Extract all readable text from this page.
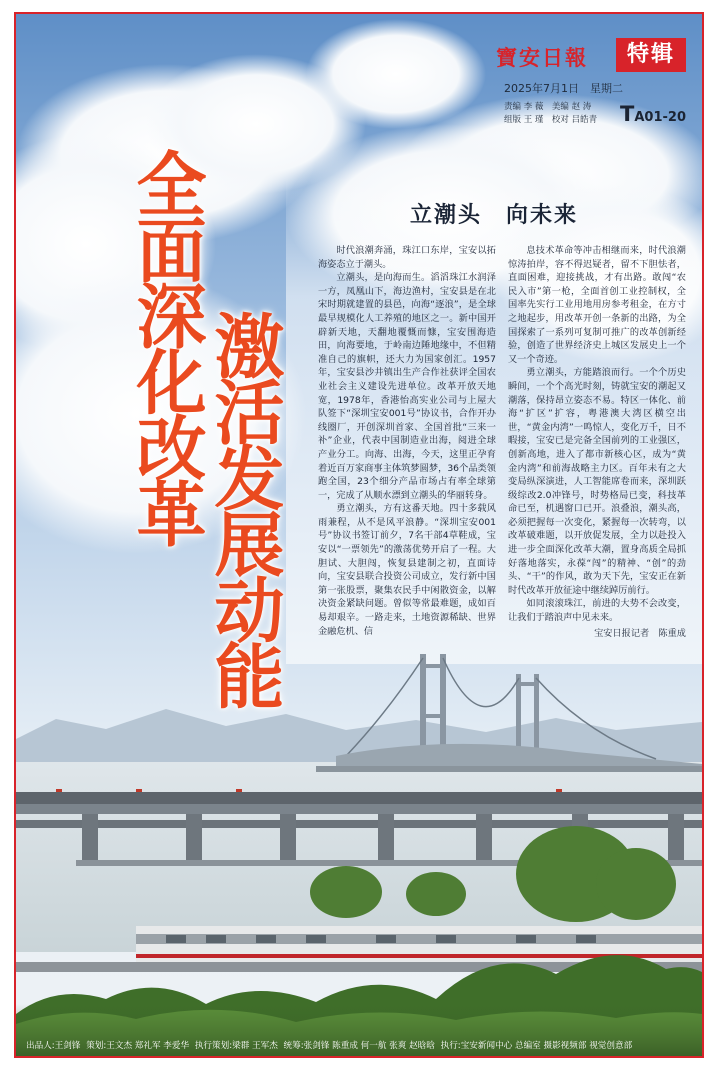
寶安日報	特辑
2025年7月1日　星期二
责编 李 薇　美编 赵 涛
组版 王 瑾　校对 吕皓青 TA01-20
全面深化改革
激活发展动能
立潮头　向未来

时代浪潮奔涌，珠江口东岸，宝安以拓海姿态立于潮头。

立潮头，是向海而生。滔滔珠江水润泽一方，凤凰山下，海边渔村，宝安县是在北宋时期就建置的县邑，向海“逐浪”，是全球最早规模化人工养殖的地区之一。新中国开辟新天地，天翻地覆慨而慷，宝安围海造田，向海要地，于岭南边陲地缘中，不但精准自己的旗帜，还大力为国家创汇。1957年，宝安县沙井镇出生产合作社获评全国农业社会主义建设先进单位。改革开放天地宽，1978年，香港怡高实业公司与上屋大队签下“深圳宝安001号”协议书，合作开办线圈厂，开创深圳首家、全国首批“三来一补”企业，代表中国制造业出海，阅进全球产业分工。向海、出海，今天，这里正孕育着近百万家商事主体筑梦圆梦，36个品类领跑全国，23个细分产品市场占有率全球第一，完成了从顺水漂到立潮头的华丽转身。

勇立潮头，方有这番天地。四十多载风雨兼程，从不是风平浪静。“深圳宝安001号”协议书签订前夕，7名干部4草鞋成，宝安以“一票领先”的激荡优势开启了一程。大胆试、大胆闯，恢复县建制之初，直面诗向，宝安县联合投资公司成立，发行新中国第一张股票，聚集农民手中闲散资金，以解决资金紧缺问题。曾似等常最难题，成如百易却艰辛。一路走来，土地资源稀缺、世界金融危机、信

息技术革命等冲击相继而来，时代浪潮惊涛拍岸，容不得迟疑者，留不下胆怯者，直面困难，迎接挑战，才有出路。敢闯“农民入市”第一枪，全面首创工业控制权，全国率先实行工业用地用房参考租金，在方寸之地起步，用改革开创一条新的出路，为全国探索了一系列可复制可推广的改革创新经验，创造了世界经济史上城区发展史上一个又一个奇迹。

勇立潮头，方能踏浪而行。一个个历史瞬间，一个个高光时刻，铸就宝安的潮起又潮落，保持昂立姿态不易。特区一体化、前海“扩区”扩容，粤港澳大湾区横空出世，“黄金内湾”一鸣惊人，变化万千，日不暇接，宝安已是完备全国前列的工业强区，创新高地，进入了都市新核心区，成为“黄金内湾”和前海战略主力区。百年未有之大变局纵深演进，人工智能席卷而来，深圳跃级综改2.0冲锋号，时势格局已变，科技革命已至，机遇窗口已开。浪叠浪，潮头高，必须把握每一次变化，紧握每一次转弯，以改革破难题，以开放促发展，全力以赴投入进一步全面深化改革大潮，置身高质全局抓好落地落实，永葆“闯”的精神、“创”的劲头、“干”的作风，敢为天下先，宝安正在新时代改革开放征途中继续踔厉前行。

如同滚滚珠江，前进的大势不会改变，让我们于踏浪声中见未来。

宝安日报记者　陈重成

出品人:王剑锋 策划:王文杰 郑礼军 李爱华 执行策划:梁群 王军杰 统筹:张剑锋 陈重成 何一航 张爽 赵晗晗 执行:宝安新闻中心 总编室 摄影视频部 视觉创意部
